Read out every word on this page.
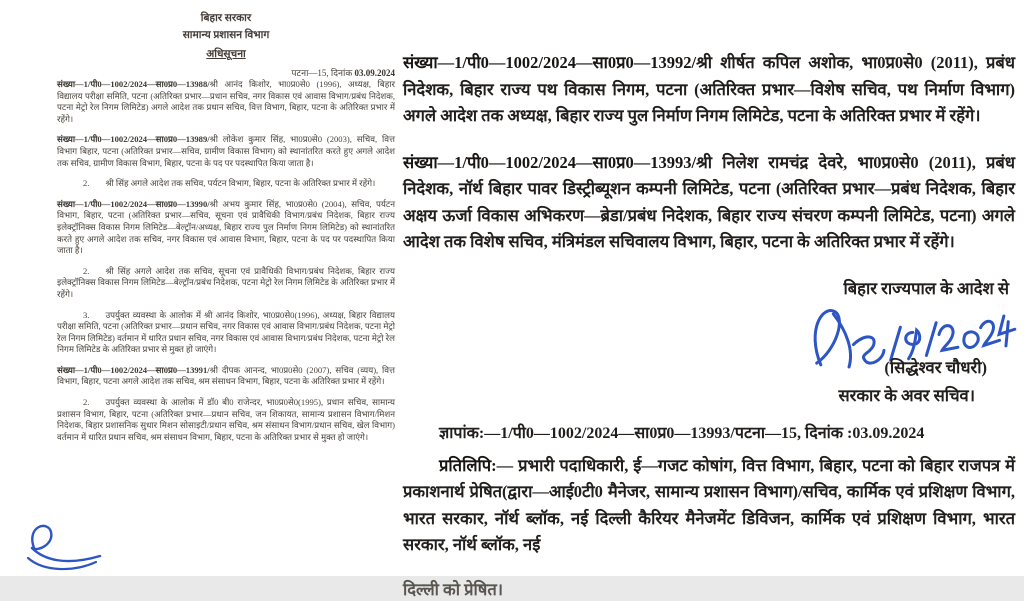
बिहार सरकार
सामान्य प्रशासन विभाग
अधिसूचना
पटना—15, दिनांक 03.09.2024

संख्या—1/पी0—1002/2024—सा0प्र0—13988/श्री आनंद किशोर, भा0प्र0से0 (1996), अध्यक्ष, बिहार विद्यालय परीक्षा समिति, पटना (अतिरिक्त प्रभार—प्रधान सचिव, नगर विकास एवं आवास विभाग/प्रबंध निदेशक, पटना मेट्रो रेल निगम लिमिटेड) अगले आदेश तक प्रधान सचिव, वित्त विभाग, बिहार, पटना के अतिरिक्त प्रभार में रहेंगे।

संख्या—1/पी0—1002/2024—सा0प्र0—13989/श्री लोकेश कुमार सिंह, भा0प्र0से0 (2003), सचिव, वित्त विभाग बिहार, पटना (अतिरिक्त प्रभार—सचिव, ग्रामीण विकास विभाग) को स्थानांतरित करते हुए अगले आदेश तक सचिव, ग्रामीण विकास विभाग, बिहार, पटना के पद पर पदस्थापित किया जाता है।

2. श्री सिंह अगले आदेश तक सचिव, पर्यटन विभाग, बिहार, पटना के अतिरिक्त प्रभार में रहेंगे।

संख्या—1/पी0—1002/2024—सा0प्र0—13990/श्री अभय कुमार सिंह, भा0प्र0से0 (2004), सचिव, पर्यटन विभाग, बिहार, पटना (अतिरिक्त प्रभार—सचिव, सूचना एवं प्रावैधिकी विभाग/प्रबंध निदेशक, बिहार राज्य इलेक्ट्रॉनिक्स विकास निगम लिमिटेड—बेल्ट्रॉन/अध्यक्ष, बिहार राज्य पुल निर्माण निगम लिमिटेड) को स्थानांतरित करते हुए अगले आदेश तक सचिव, नगर विकास एवं आवास विभाग, बिहार, पटना के पद पर पदस्थापित किया जाता है।

2. श्री सिंह अगले आदेश तक सचिव, सूचना एवं प्रावैधिकी विभाग/प्रबंध निदेशक, बिहार राज्य इलेक्ट्रॉनिक्स विकास निगम लिमिटेड—बेल्ट्रॉन/प्रबंध निदेशक, पटना मेट्रो रेल निगम लिमिटेड के अतिरिक्त प्रभार में रहेंगे।

3. उपर्युक्त व्यवस्था के आलोक में श्री आनंद किशोर, भा0प्र0से0(1996), अध्यक्ष, बिहार विद्यालय परीक्षा समिति, पटना (अतिरिक्त प्रभार—प्रधान सचिव, नगर विकास एवं आवास विभाग/प्रबंध निदेशक, पटना मेट्रो रेल निगम लिमिटेड) वर्तमान में धारित प्रधान सचिव, नगर विकास एवं आवास विभाग/प्रबंध निदेशक, पटना मेट्रो रेल निगम लिमिटेड के अतिरिक्त प्रभार से मुक्त हो जाएंगे।

संख्या—1/पी0—1002/2024—सा0प्र0—13991/श्री दीपक आनन्द, भा0प्र0से0 (2007), सचिव (व्यय), वित्त विभाग, बिहार, पटना अगले आदेश तक सचिव, श्रम संसाधन विभाग, बिहार, पटना के अतिरिक्त प्रभार में रहेंगे।

2. उपर्युक्त व्यवस्था के आलोक में डॉ0 बी0 राजेन्दर, भा0प्र0से0(1995), प्रधान सचिव, सामान्य प्रशासन विभाग, बिहार, पटना (अतिरिक्त प्रभार—प्रधान सचिव, जन शिकायत, सामान्य प्रशासन विभाग/मिशन निदेशक, बिहार प्रशासनिक सुधार मिशन सोसाइटी/प्रधान सचिव, श्रम संसाधन विभाग/प्रधान सचिव, खेल विभाग) वर्तमान में धारित प्रधान सचिव, श्रम संसाधन विभाग, बिहार, पटना के अतिरिक्त प्रभार से मुक्त हो जाएंगे।

संख्या—1/पी0—1002/2024—सा0प्र0—13992/श्री शीर्षत कपिल अशोक, भा0प्र0से0 (2011), प्रबंध निदेशक, बिहार राज्य पथ विकास निगम, पटना (अतिरिक्त प्रभार—विशेष सचिव, पथ निर्माण विभाग) अगले आदेश तक अध्यक्ष, बिहार राज्य पुल निर्माण निगम लिमिटेड, पटना के अतिरिक्त प्रभार में रहेंगे।

संख्या—1/पी0—1002/2024—सा0प्र0—13993/श्री निलेश रामचंद्र देवरे, भा0प्र0से0 (2011), प्रबंध निदेशक, नॉर्थ बिहार पावर डिस्ट्रीब्यूशन कम्पनी लिमिटेड, पटना (अतिरिक्त प्रभार—प्रबंध निदेशक, बिहार अक्षय ऊर्जा विकास अभिकरण—ब्रेडा/प्रबंध निदेशक, बिहार राज्य संचरण कम्पनी लिमिटेड, पटना) अगले आदेश तक विशेष सचिव, मंत्रिमंडल सचिवालय विभाग, बिहार, पटना के अतिरिक्त प्रभार में रहेंगे।

बिहार राज्यपाल के आदेश से
(सिद्धेश्वर चौधरी)
सरकार के अवर सचिव।
ज्ञापांक:—1/पी0—1002/2024—सा0प्र0—13993/पटना—15, दिनांक :03.09.2024

प्रतिलिपि:— प्रभारी पदाधिकारी, ई—गजट कोषांग, वित्त विभाग, बिहार, पटना को बिहार राजपत्र में प्रकाशनार्थ प्रेषित(द्वारा—आई0टी0 मैनेजर, सामान्य प्रशासन विभाग)/सचिव, कार्मिक एवं प्रशिक्षण विभाग, भारत सरकार, नॉर्थ ब्लॉक, नई दिल्ली कैरियर मैनेजमेंट डिविजन, कार्मिक एवं प्रशिक्षण विभाग, भारत सरकार, नॉर्थ ब्लॉक, नई

दिल्ली को प्रेषित।
